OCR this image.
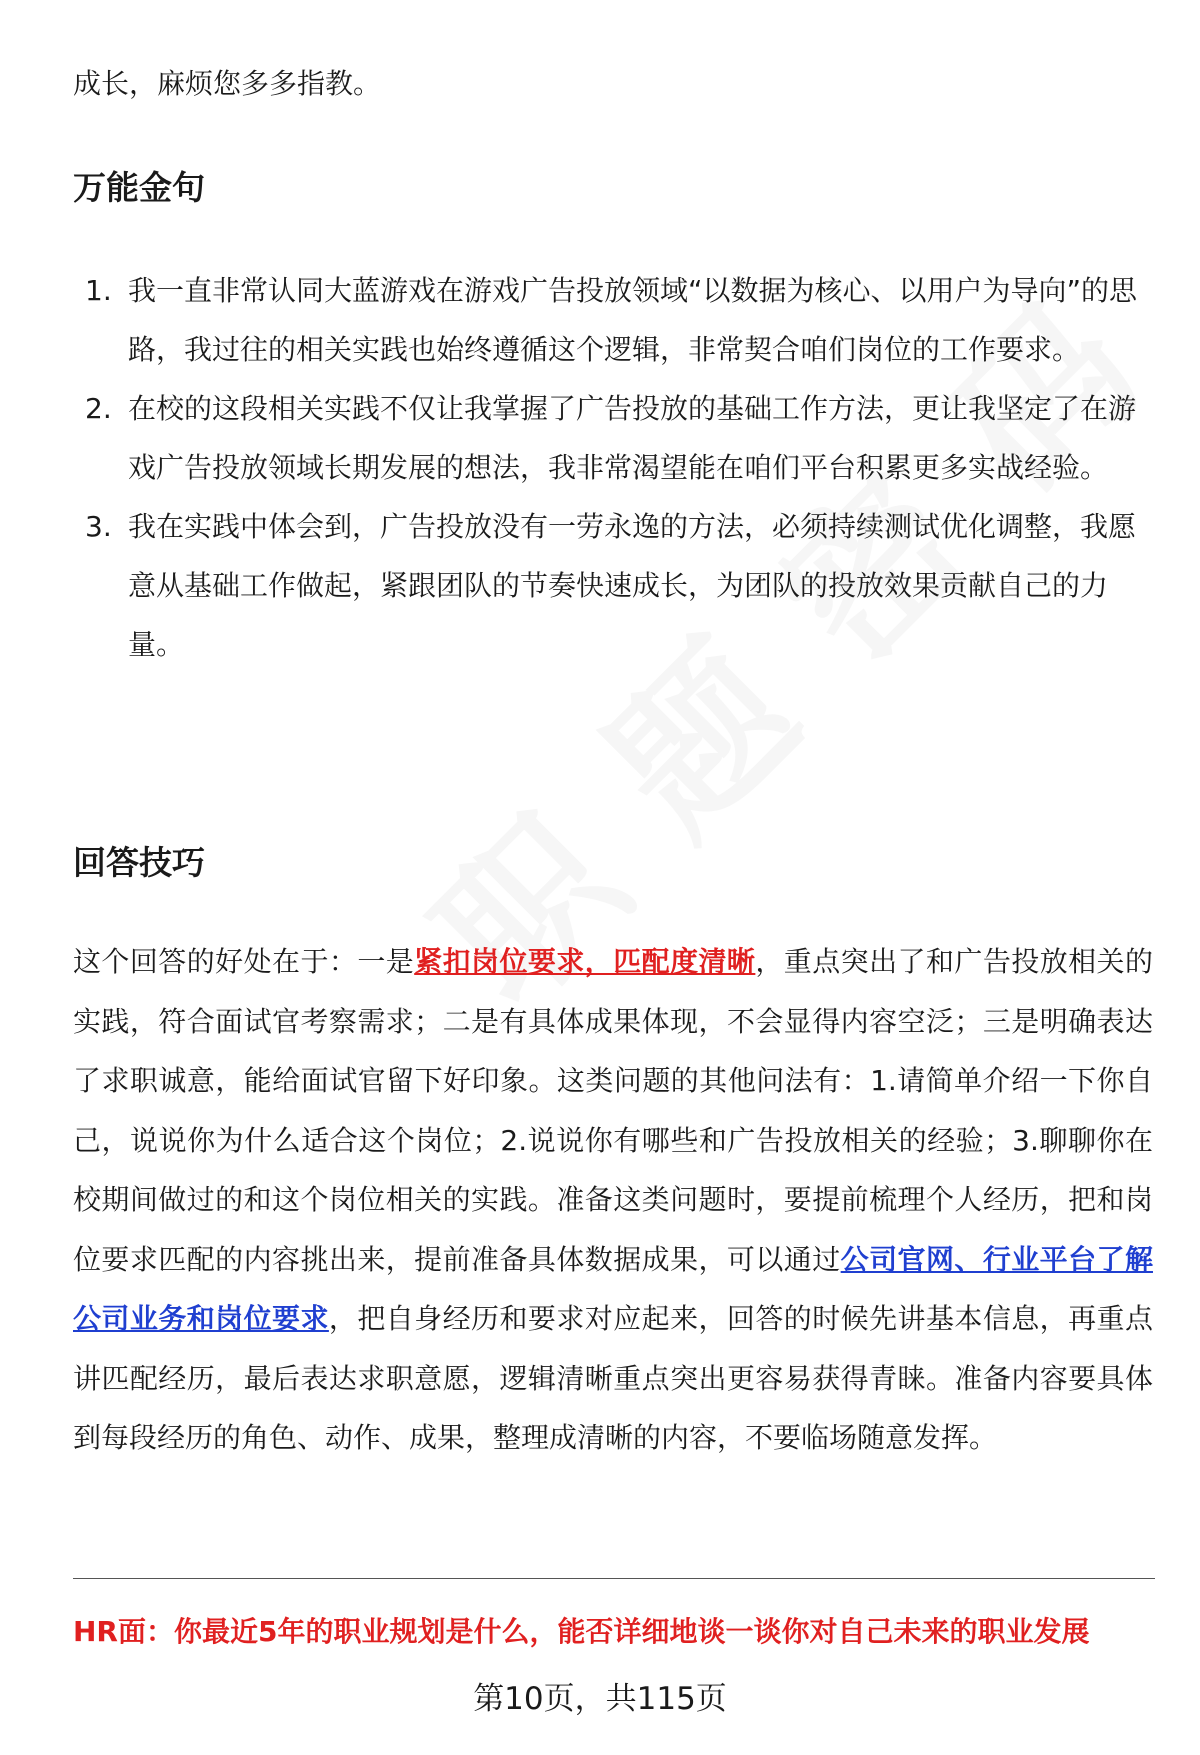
成长，麻烦您多多指教。
万能金句
1. 我一直非常认同大蓝游戏在游戏广告投放领域“以数据为核心、以用户为导向”的思路，我过往的相关实践也始终遵循这个逻辑，非常契合咱们岗位的工作要求。
2. 在校的这段相关实践不仅让我掌握了广告投放的基础工作方法，更让我坚定了在游戏广告投放领域长期发展的想法，我非常渴望能在咱们平台积累更多实战经验。
3. 我在实践中体会到，广告投放没有一劳永逸的方法，必须持续测试优化调整，我愿意从基础工作做起，紧跟团队的节奏快速成长，为团队的投放效果贡献自己的力量。
回答技巧
这个回答的好处在于：一是紧扣岗位要求，匹配度清晰，重点突出了和广告投放相关的实践，符合面试官考察需求；二是有具体成果体现，不会显得内容空泛；三是明确表达了求职诚意，能给面试官留下好印象。这类问题的其他问法有：1.请简单介绍一下你自己，说说你为什么适合这个岗位；2.说说你有哪些和广告投放相关的经验；3.聊聊你在校期间做过的和这个岗位相关的实践。准备这类问题时，要提前梳理个人经历，把和岗位要求匹配的内容挑出来，提前准备具体数据成果，可以通过公司官网、行业平台了解公司业务和岗位要求，把自身经历和要求对应起来，回答的时候先讲基本信息，再重点讲匹配经历，最后表达求职意愿，逻辑清晰重点突出更容易获得青睐。准备内容要具体到每段经历的角色、动作、成果，整理成清晰的内容，不要临场随意发挥。
HR面：你最近5年的职业规划是什么，能否详细地谈一谈你对自己未来的职业发展
第10页，共115页
